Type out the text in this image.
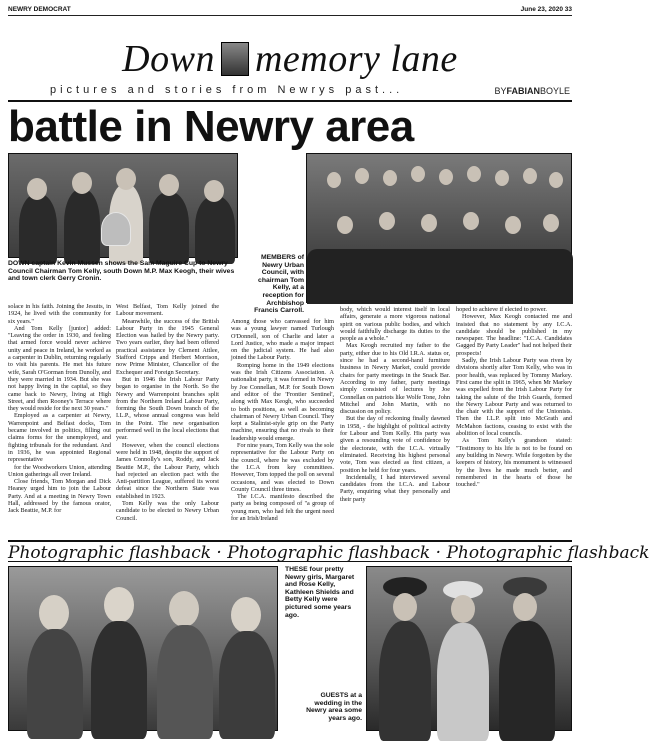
NEWRY DEMOCRAT	June 23, 2020 33
Down memory lane
pictures and stories from Newrys past...	BYFABIANBOYLE
battle in Newry area
DOWN captain Kevin Mussen shows the Sam Maguire Cup to Newry Council Chairman Tom Kelly, south Down M.P. Max Keogh, their wives and town clerk Gerry Cronin.
MEMBERS of Newry Urban Council, with chairman Tom Kelly, at a reception for Archbishop Francis Carroll.

solace in his faith. Joining the Jesuits, in 1924, he lived with the community for six years."

And Tom Kelly [junior] added: "Leaving the order in 1930, and feeling that armed force would never achieve unity and peace in Ireland, he worked as a carpenter in Dublin, returning regularly to visit his parents. He met his future wife, Sarah O'Gorman from Dunolly, and they were married in 1934. But she was not happy living in the capital, so they came back to Newry, living at High Street, and then Rooney's Terrace where they would reside for the next 30 years."

Employed as a carpenter at Newry, Warrenpoint and Belfast docks, Tom became involved in politics, filling out claims forms for the unemployed, and fighting tribunals for the redundant. And in 1936, he was appointed Regional representative

for the Woodworkers Union, attending Union gatherings all over Ireland.

Close friends, Tom Morgan and Dick Heaney urged him to join the Labour Party. And at a meeting in Newry Town Hall, addressed by the famous orator, Jack Beattie, M.P. for

West Belfast, Tom Kelly joined the Labour movement.

Meanwhile, the success of the British Labour Party in the 1945 General Election was hailed by the Newry party. Two years earlier, they had been offered practical assistance by Clement Attlee, Stafford Cripps and Herbert Morrison, now Prime Minister, Chancellor of the Exchequer and Foreign Secretary.

But in 1946 the Irish Labour Party began to organise in the North. So the Newry and Warrenpoint branches split from the Northern Ireland Labour Party, forming the South Down branch of the I.L.P., whose annual congress was held in the Point. The new organisation performed well in the local elections that year.

However, when the council elections were held in 1948, despite the support of James Connolly's son, Roddy, and Jack Beattie M.P., the Labour Party, which had rejected an election pact with the Anti-partition League, suffered its worst defeat since the Northern State was established in 1923.

Tom Kelly was the only Labour candidate to be elected to Newry Urban Council.

Among those who canvassed for him was a young lawyer named Turlough O'Donnell, son of Charlie and later a Lord Justice, who made a major impact on the judicial system. He had also joined the Labour Party.

Romping home in the 1949 elections was the Irish Citizens Association. A nationalist party, it was formed in Newry by Joe Connellan, M.P. for South Down and editor of the 'Frontier Sentinel', along with Max Keogh, who succeeded to both positions, as well as becoming chairman of Newry Urban Council. They kept a Stalinist-style grip on the Party machine, ensuring that no rivals to their leadership would emerge.

For nine years, Tom Kelly was the sole representative for the Labour Party on the council, where he was excluded by the I.C.A from key committees. However, Tom topped the poll on several occasions, and was elected to Down County Council three times.

The I.C.A. manifesto described the party as being composed of "a group of young men, who had felt the urgent need for an Irish/Ireland

body, which would interest itself in local affairs, generate a more vigorous national spirit on various public bodies, and which would faithfully discharge its duties to the people as a whole."

Max Keogh recruited my father to the party, either due to his Old I.R.A. status or, since he had a second-hand furniture business in Newry Market, could provide chairs for party meetings in the Snack Bar. According to my father, party meetings simply consisted of lectures by Joe Connellan on patriots like Wolfe Tone, John Mitchel and John Martin, with no discussion on policy.

But the day of reckoning finally dawned in 1958, - the highlight of political activity for Labour and Tom Kelly. His party was given a resounding vote of confidence by the electorate, with the I.C.A. virtually eliminated. Receiving his highest personal vote, Tom was elected as first citizen, a position he held for four years.

Incidentally, I had interviewed several candidates from the I.C.A. and Labour Party, enquiring what they personally and their party

hoped to achieve if elected to power.

However, Max Keogh contacted me and insisted that no statement by any I.C.A. candidate should be published in my newspaper. The headline: "I.C.A. Candidates Gagged By Party Leader" had not helped their prospects!

Sadly, the Irish Labour Party was riven by divisions shortly after Tom Kelly, who was in poor health, was replaced by Tommy Markey. First came the split in 1965, when Mr Markey was expelled from the Irish Labour Party for taking the salute of the Irish Guards, formed the Newry Labour Party and was returned to the chair with the support of the Unionists. Then the I.L.P. split into McGrath and McMahon factions, ceasing to exist with the abolition of local councils.

As Tom Kelly's grandson stated: "Testimony to his life is not to be found on any building in Newry. While forgotten by the keepers of history, his monument is witnessed by the lives he made much better, and remembered in the hearts of those he touched."

Photographic flashback · Photographic flashback · Photographic flashback
THESE four pretty Newry girls, Margaret and Rose Kelly, Kathleen Shields and Betty Kelly were pictured some years ago.
GUESTS at a wedding in the Newry area some years ago.
